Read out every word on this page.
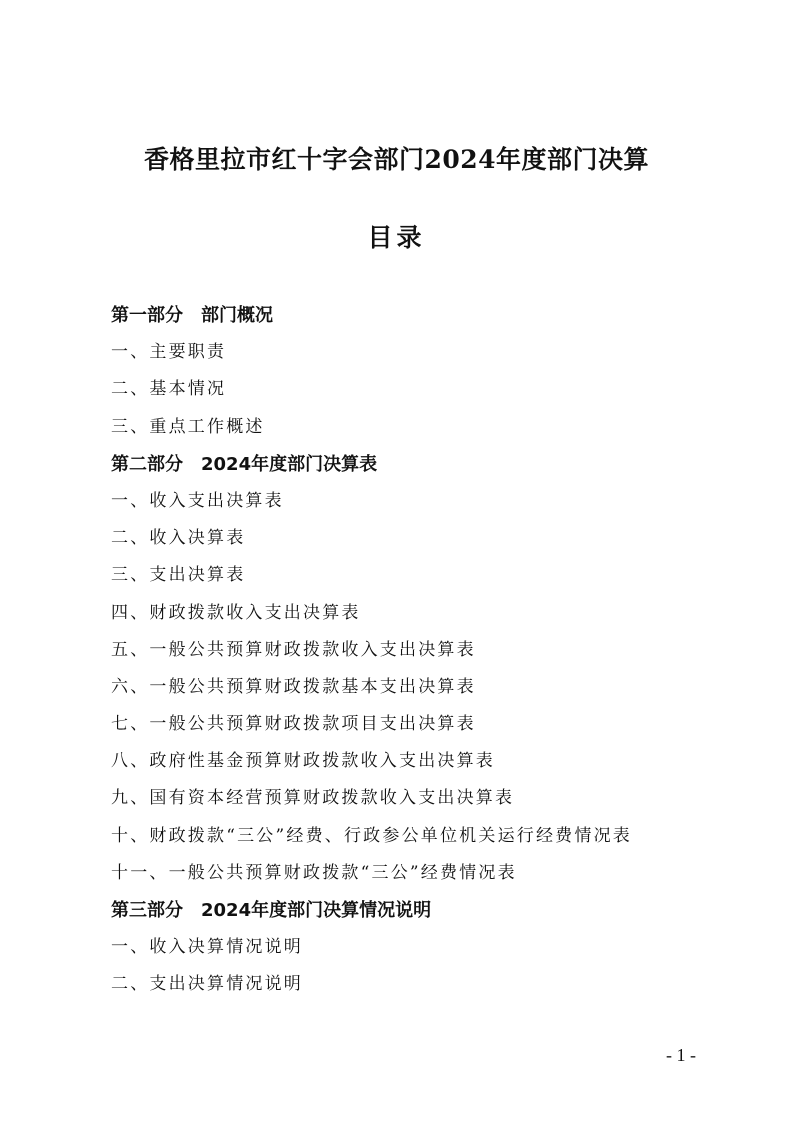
香格里拉市红十字会部门2024年度部门决算
目录
第一部分　部门概况
一、主要职责
二、基本情况
三、重点工作概述
第二部分　2024年度部门决算表
一、收入支出决算表
二、收入决算表
三、支出决算表
四、财政拨款收入支出决算表
五、一般公共预算财政拨款收入支出决算表
六、一般公共预算财政拨款基本支出决算表
七、一般公共预算财政拨款项目支出决算表
八、政府性基金预算财政拨款收入支出决算表
九、国有资本经营预算财政拨款收入支出决算表
十、财政拨款“三公”经费、行政参公单位机关运行经费情况表
十一、一般公共预算财政拨款“三公”经费情况表
第三部分　2024年度部门决算情况说明
一、收入决算情况说明
二、支出决算情况说明
- 1 -
